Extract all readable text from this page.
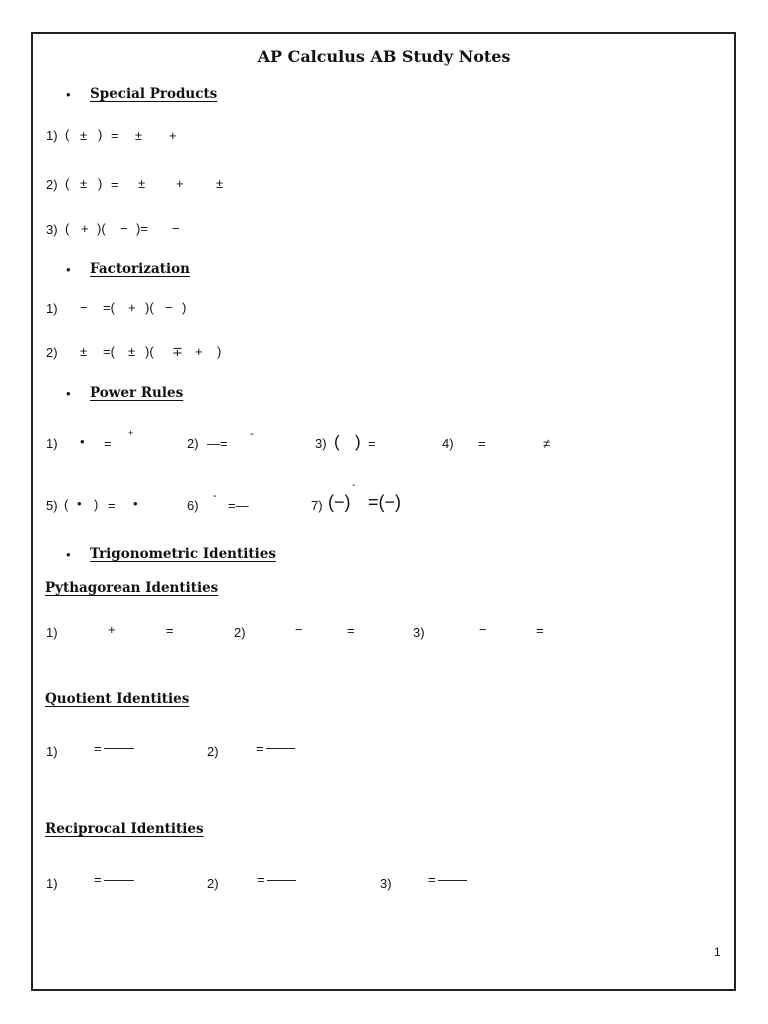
AP Calculus AB Study Notes
• Special Products
1) ( ± ) = ± +
2) ( ± ) = ± + ±
3) ( + )( − )= −
• Factorization
1) − =( + )( − )
2) ± =( ± )( ∓ + )
• Power Rules
1) • =
+
2) —=
-
3) ( ) =	4) =	≠
5) ( • ) = •	6)
-
=—	7) (−)
-
=(−)
• Trigonometric Identities
Pythagorean Identities
1)	+	=	2)	−	=	3)	−	=
Quotient Identities
1)	=	2)	=
Reciprocal Identities
1)	=	2)	=	3)	=
1
